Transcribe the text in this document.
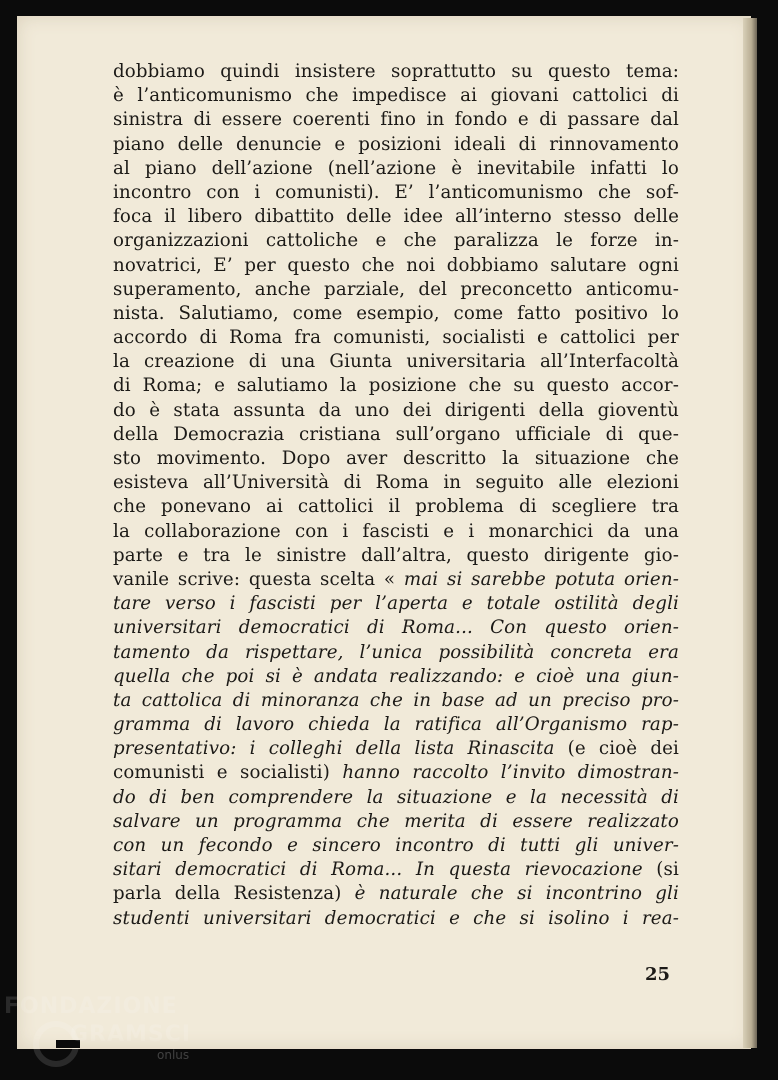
dobbiamo quindi insistere soprattutto su questo tema:
è l’anticomunismo che impedisce ai giovani cattolici di
sinistra di essere coerenti fino in fondo e di passare dal
piano delle denuncie e posizioni ideali di rinnovamento
al piano dell’azione (nell’azione è inevitabile infatti lo
incontro con i comunisti). E’ l’anticomunismo che sof-
foca il libero dibattito delle idee all’interno stesso delle
organizzazioni cattoliche e che paralizza le forze in-
novatrici, E’ per questo che noi dobbiamo salutare ogni
superamento, anche parziale, del preconcetto anticomu-
nista. Salutiamo, come esempio, come fatto positivo lo
accordo di Roma fra comunisti, socialisti e cattolici per
la creazione di una Giunta universitaria all’Interfacoltà
di Roma; e salutiamo la posizione che su questo accor-
do è stata assunta da uno dei dirigenti della gioventù
della Democrazia cristiana sull’organo ufficiale di que-
sto movimento. Dopo aver descritto la situazione che
esisteva all’Università di Roma in seguito alle elezioni
che ponevano ai cattolici il problema di scegliere tra
la collaborazione con i fascisti e i monarchici da una
parte e tra le sinistre dall’altra, questo dirigente gio-
vanile scrive: questa scelta « mai si sarebbe potuta orien-
tare verso i fascisti per l’aperta e totale ostilità degli
universitari democratici di Roma... Con questo orien-
tamento da rispettare, l’unica possibilità concreta era
quella che poi si è andata realizzando: e cioè una giun-
ta cattolica di minoranza che in base ad un preciso pro-
gramma di lavoro chieda la ratifica all’Organismo rap-
presentativo: i colleghi della lista Rinascita (e cioè dei
comunisti e socialisti) hanno raccolto l’invito dimostran-
do di ben comprendere la situazione e la necessità di
salvare un programma che merita di essere realizzato
con un fecondo e sincero incontro di tutti gli univer-
sitari democratici di Roma... In questa rievocazione (si
parla della Resistenza) è naturale che si incontrino gli
studenti universitari democratici e che si isolino i rea-
25
FONDAZIONE
GRAMSCI
onlus
